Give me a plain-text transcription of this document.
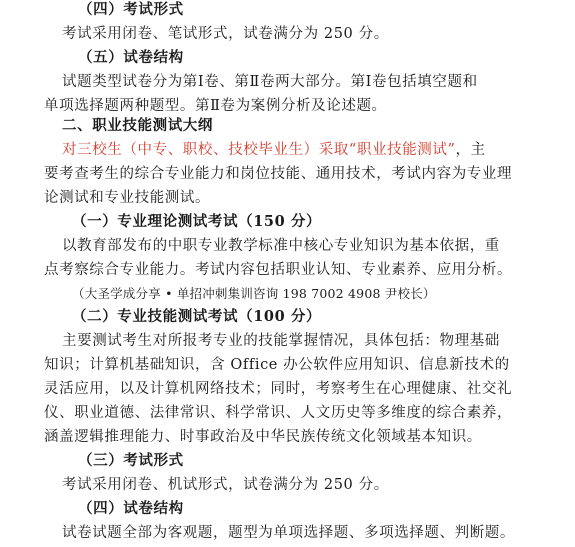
（四）考试形式
考试采用闭卷、笔试形式，试卷满分为 250 分。
（五）试卷结构
试题类型试卷分为第Ⅰ卷、第Ⅱ卷两大部分。第Ⅰ卷包括填空题和
单项选择题两种题型。第Ⅱ卷为案例分析及论述题。
二、职业技能测试大纲
对三校生（中专、职校、技校毕业生）采取“职业技能测试”，主
要考查考生的综合专业能力和岗位技能、通用技术，考试内容为专业理
论测试和专业技能测试。
（一）专业理论测试考试（150 分）
以教育部发布的中职专业教学标准中核心专业知识为基本依据，重
点考察综合专业能力。考试内容包括职业认知、专业素养、应用分析。
（大圣学成分享 • 单招冲刺集训咨询 198 7002 4908 尹校长）
（二）专业技能测试考试（100 分）
主要测试考生对所报考专业的技能掌握情况，具体包括：物理基础
知识；计算机基础知识，含 Office 办公软件应用知识、信息新技术的
灵活应用，以及计算机网络技术；同时，考察考生在心理健康、社交礼
仪、职业道德、法律常识、科学常识、人文历史等多维度的综合素养，
涵盖逻辑推理能力、时事政治及中华民族传统文化领域基本知识。
（三）考试形式
考试采用闭卷、机试形式，试卷满分为 250 分。
（四）试卷结构
试卷试题全部为客观题，题型为单项选择题、多项选择题、判断题。
